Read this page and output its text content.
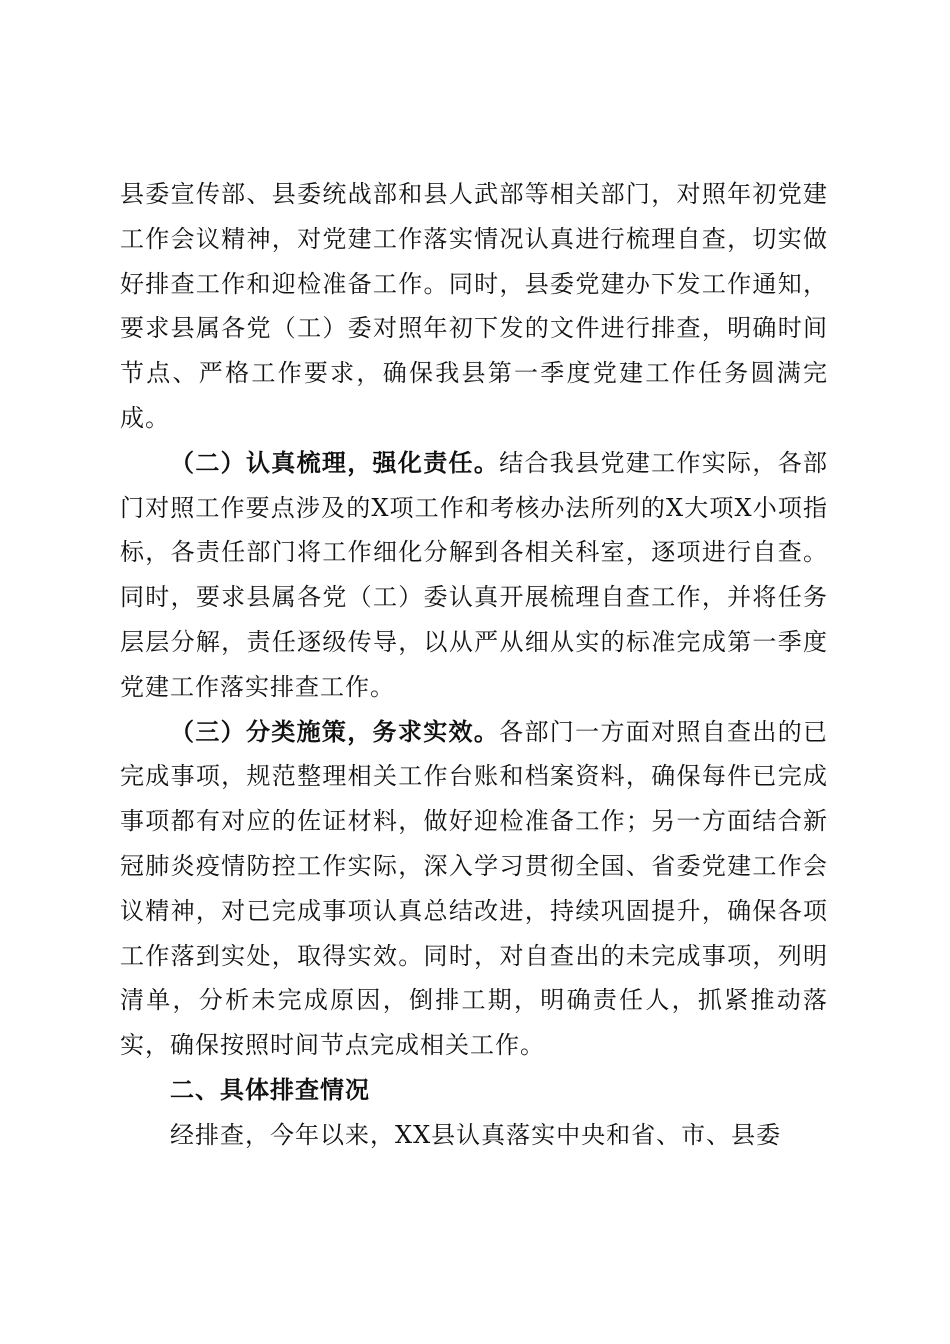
县委宣传部、县委统战部和县人武部等相关部门，对照年初党建工作会议精神，对党建工作落实情况认真进行梳理自查，切实做好排查工作和迎检准备工作。同时，县委党建办下发工作通知，要求县属各党（工）委对照年初下发的文件进行排查，明确时间节点、严格工作要求，确保我县第一季度党建工作任务圆满完成。

（二）认真梳理，强化责任。结合我县党建工作实际，各部门对照工作要点涉及的X项工作和考核办法所列的X大项X小项指标，各责任部门将工作细化分解到各相关科室，逐项进行自查。同时，要求县属各党（工）委认真开展梳理自查工作，并将任务层层分解，责任逐级传导，以从严从细从实的标准完成第一季度党建工作落实排查工作。

（三）分类施策，务求实效。各部门一方面对照自查出的已完成事项，规范整理相关工作台账和档案资料，确保每件已完成事项都有对应的佐证材料，做好迎检准备工作；另一方面结合新冠肺炎疫情防控工作实际，深入学习贯彻全国、省委党建工作会议精神，对已完成事项认真总结改进，持续巩固提升，确保各项工作落到实处，取得实效。同时，对自查出的未完成事项，列明清单，分析未完成原因，倒排工期，明确责任人，抓紧推动落实，确保按照时间节点完成相关工作。

二、具体排查情况

经排查，今年以来，XX县认真落实中央和省、市、县委
